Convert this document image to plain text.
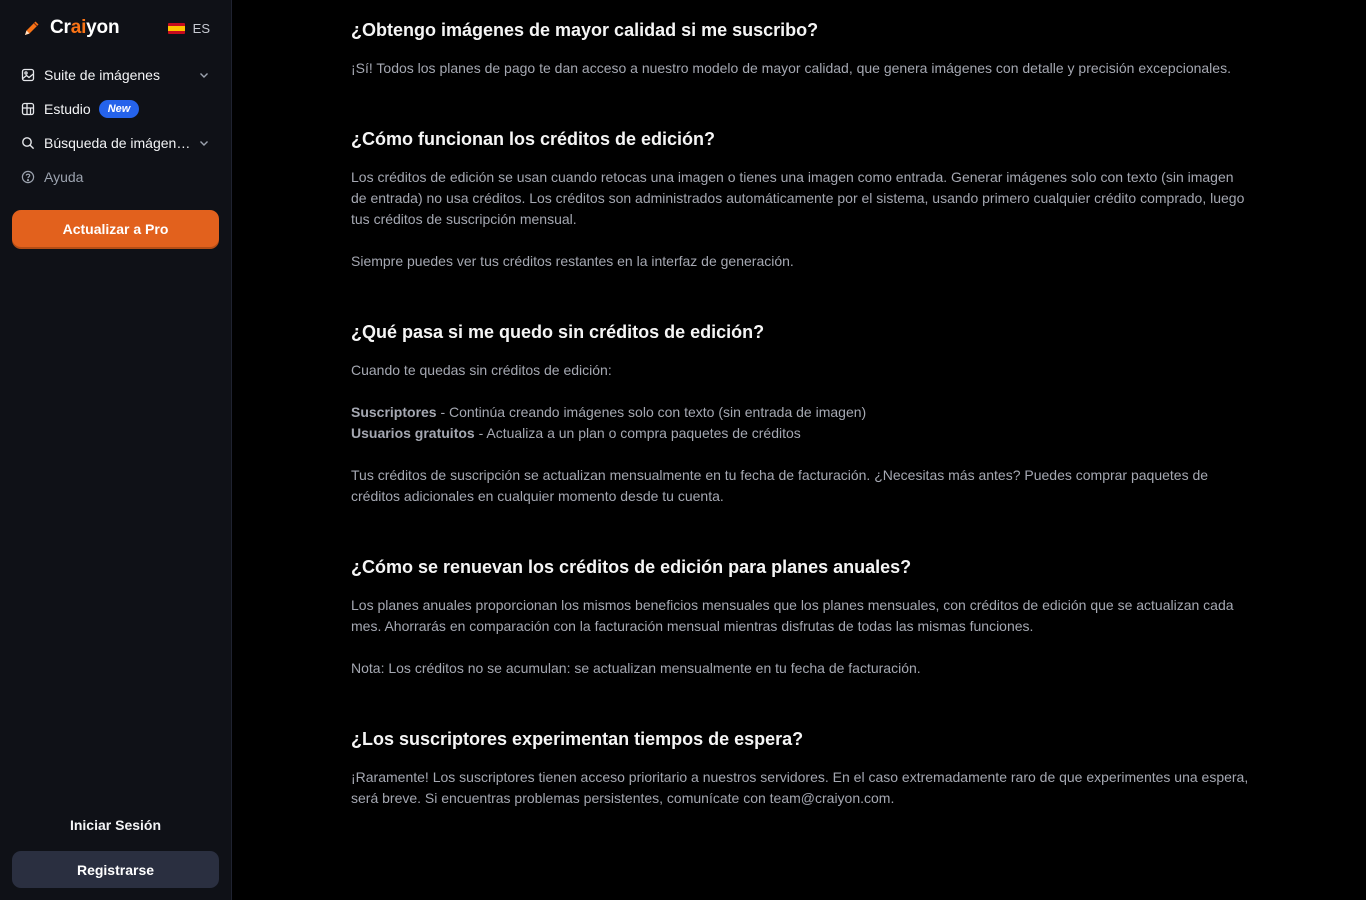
Craiyon	ES
Suite de imágenes
Estudio	New
Búsqueda de imágen…
Ayuda
Actualizar a Pro
Iniciar Sesión
Registrarse
¿Obtengo imágenes de mayor calidad si me suscribo?

¡Sí! Todos los planes de pago te dan acceso a nuestro modelo de mayor calidad, que genera imágenes con detalle y precisión excepcionales.

¿Cómo funcionan los créditos de edición?

Los créditos de edición se usan cuando retocas una imagen o tienes una imagen como entrada. Generar imágenes solo con texto (sin imagen de entrada) no usa créditos. Los créditos son administrados automáticamente por el sistema, usando primero cualquier crédito comprado, luego tus créditos de suscripción mensual.

Siempre puedes ver tus créditos restantes en la interfaz de generación.

¿Qué pasa si me quedo sin créditos de edición?

Cuando te quedas sin créditos de edición:

Suscriptores - Continúa creando imágenes solo con texto (sin entrada de imagen)

Usuarios gratuitos - Actualiza a un plan o compra paquetes de créditos

Tus créditos de suscripción se actualizan mensualmente en tu fecha de facturación. ¿Necesitas más antes? Puedes comprar paquetes de créditos adicionales en cualquier momento desde tu cuenta.

¿Cómo se renuevan los créditos de edición para planes anuales?

Los planes anuales proporcionan los mismos beneficios mensuales que los planes mensuales, con créditos de edición que se actualizan cada mes. Ahorrarás en comparación con la facturación mensual mientras disfrutas de todas las mismas funciones.

Nota: Los créditos no se acumulan: se actualizan mensualmente en tu fecha de facturación.

¿Los suscriptores experimentan tiempos de espera?

¡Raramente! Los suscriptores tienen acceso prioritario a nuestros servidores. En el caso extremadamente raro de que experimentes una espera, será breve. Si encuentras problemas persistentes, comunícate con team@craiyon.com.
